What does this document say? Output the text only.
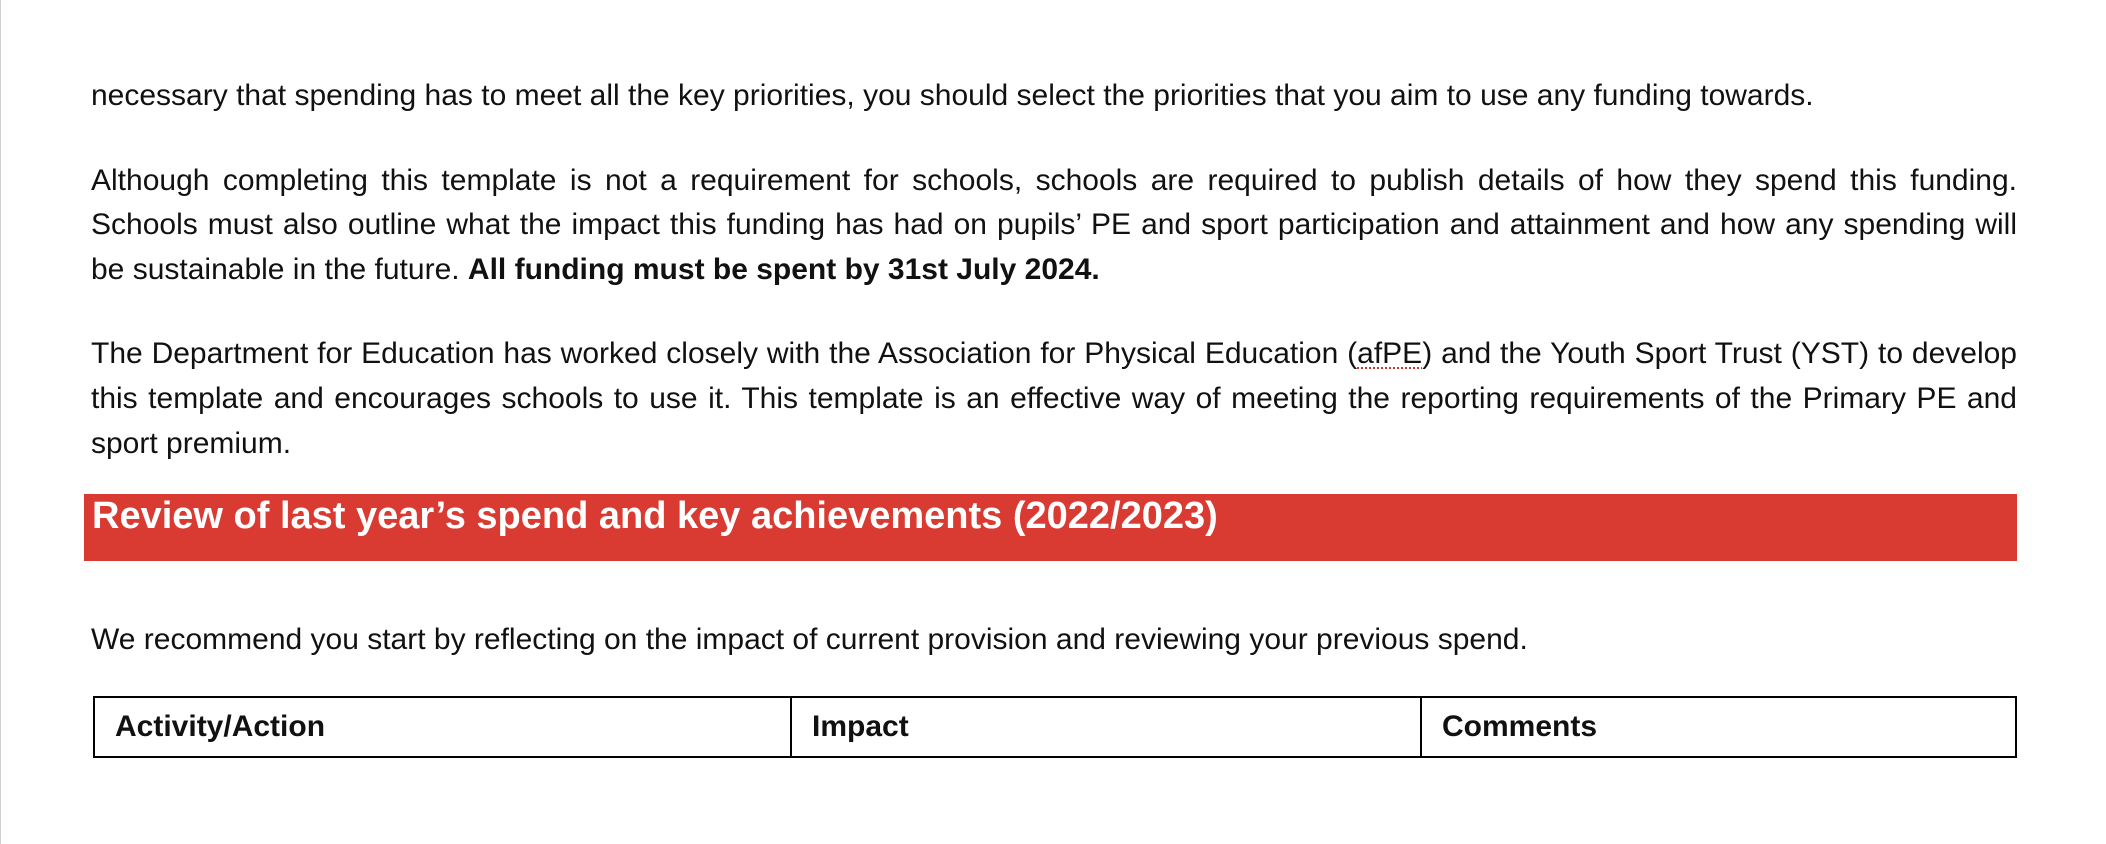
necessary that spending has to meet all the key priorities, you should select the priorities that you aim to use any funding towards.

Although completing this template is not a requirement for schools, schools are required to publish details of how they spend this funding. Schools must also outline what the impact this funding has had on pupils’ PE and sport participation and attainment and how any spending will be sustainable in the future. All funding must be spent by 31st July 2024.

The Department for Education has worked closely with the Association for Physical Education (afPE) and the Youth Sport Trust (YST) to develop this template and encourages schools to use it. This template is an effective way of meeting the reporting requirements of the Primary PE and sport premium.

Review of last year’s spend and key achievements (2022/2023)

We recommend you start by reflecting on the impact of current provision and reviewing your previous spend.

Activity/Action	Impact	Comments
